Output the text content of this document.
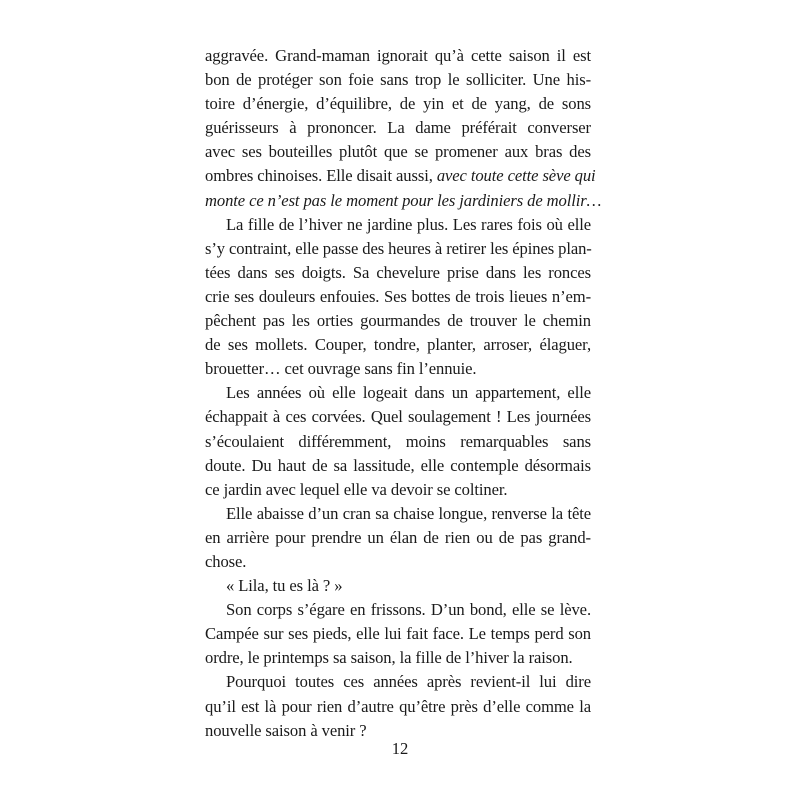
aggravée. Grand-maman ignorait qu’à cette saison il est
bon de protéger son foie sans trop le solliciter. Une his-
toire d’énergie, d’équilibre, de yin et de yang, de sons
guérisseurs à prononcer. La dame préférait converser
avec ses bouteilles plutôt que se promener aux bras des
ombres chinoises. Elle disait aussi, avec toute cette sève qui
monte ce n’est pas le moment pour les jardiniers de mollir…
La fille de l’hiver ne jardine plus. Les rares fois où elle
s’y contraint, elle passe des heures à retirer les épines plan-
tées dans ses doigts. Sa chevelure prise dans les ronces
crie ses douleurs enfouies. Ses bottes de trois lieues n’em-
pêchent pas les orties gourmandes de trouver le chemin
de ses mollets. Couper, tondre, planter, arroser, élaguer,
brouetter… cet ouvrage sans fin l’ennuie.
Les années où elle logeait dans un appartement, elle
échappait à ces corvées. Quel soulagement ! Les journées
s’écoulaient différemment, moins remarquables sans
doute. Du haut de sa lassitude, elle contemple désormais
ce jardin avec lequel elle va devoir se coltiner.
Elle abaisse d’un cran sa chaise longue, renverse la tête
en arrière pour prendre un élan de rien ou de pas grand-
chose.
« Lila, tu es là ? »
Son corps s’égare en frissons. D’un bond, elle se lève.
Campée sur ses pieds, elle lui fait face. Le temps perd son
ordre, le printemps sa saison, la fille de l’hiver la raison.
Pourquoi toutes ces années après revient-il lui dire
qu’il est là pour rien d’autre qu’être près d’elle comme la
nouvelle saison à venir ?
12
